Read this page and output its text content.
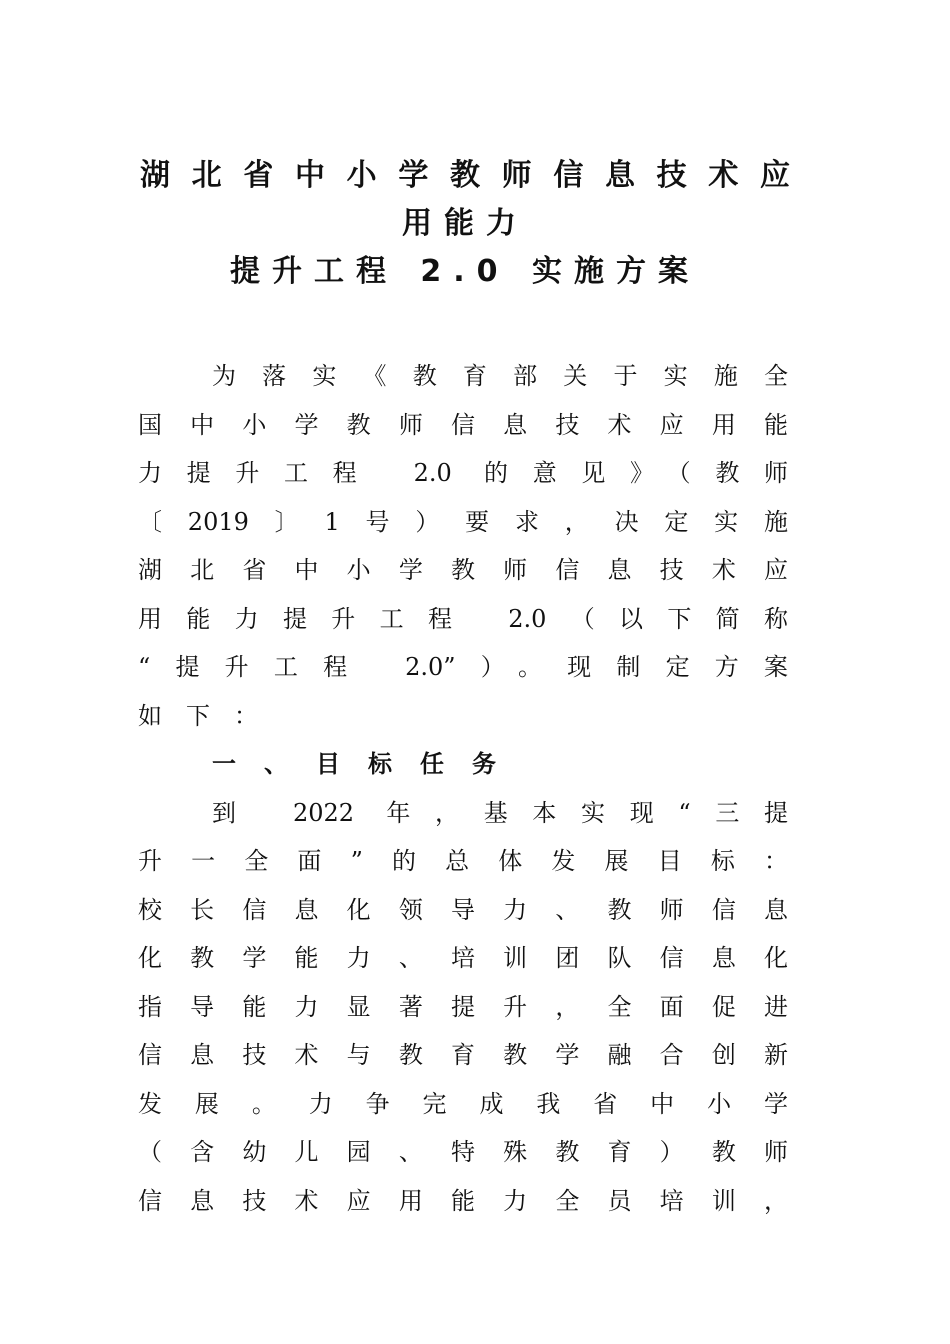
湖北省中小学教师信息技术应
用能力
提升工程 2.0 实施方案
为落实《教育部关于实施全
国中小学教师信息技术应用能
力提升工程 2.0 的意见》（教师
〔2019〕1号）要求，决定实施
湖北省中小学教师信息技术应
用能力提升工程 2.0（以下简称
“提升工程 2.0”）。现制定方案
如下：
一、目标任务
到 2022 年，基本实现“三提
升一全面”的总体发展目标：
校长信息化领导力、教师信息
化教学能力、培训团队信息化
指导能力显著提升，全面促进
信息技术与教育教学融合创新
发展。力争完成我省中小学
（含幼儿园、特殊教育）教师
信息技术应用能力全员培训，
